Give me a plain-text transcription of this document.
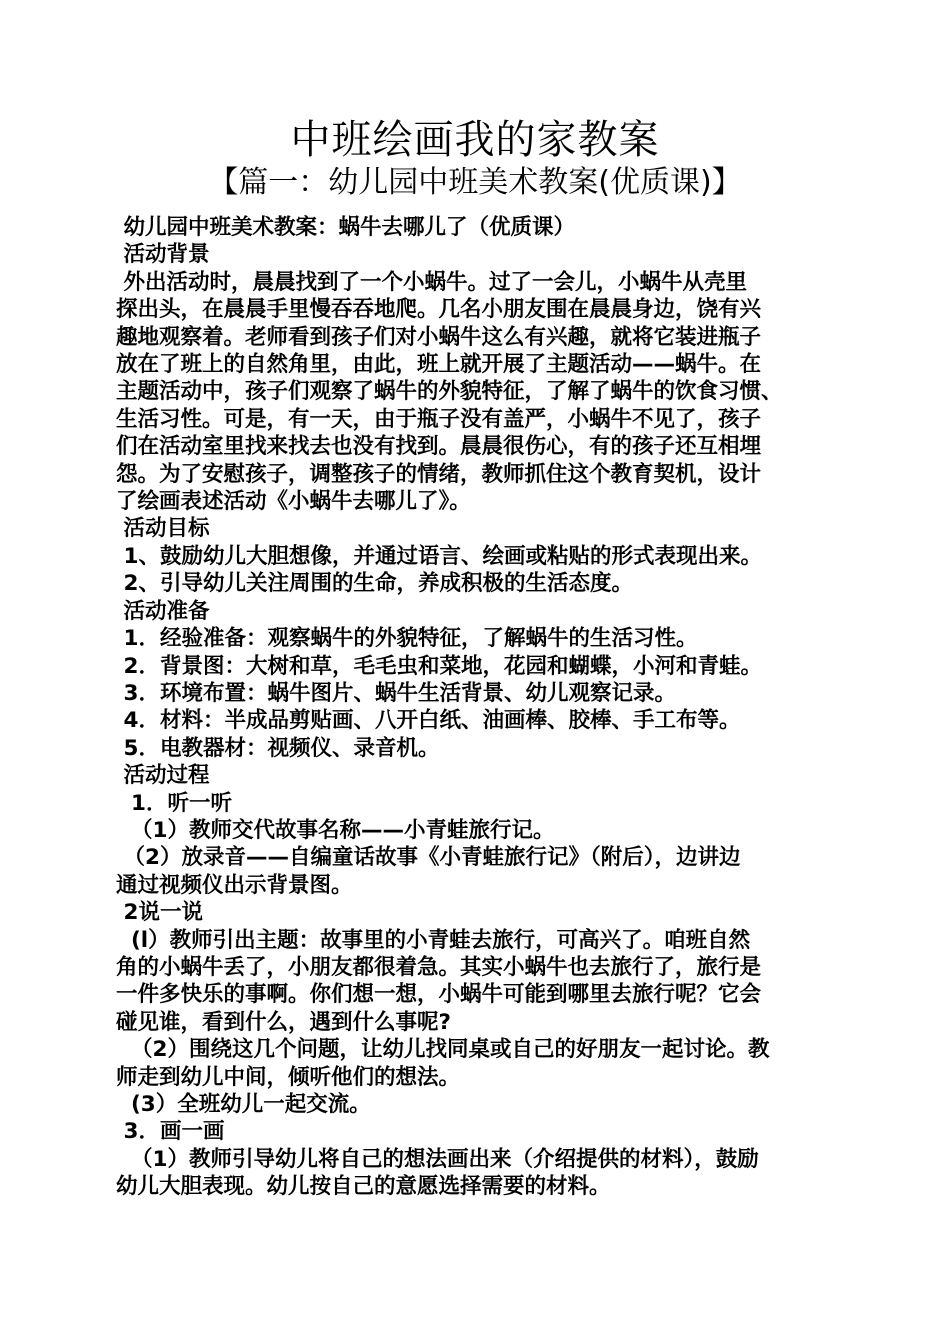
中班绘画我的家教案
【篇一：幼儿园中班美术教案(优质课)】

幼儿园中班美术教案：蜗牛去哪儿了（优质课）

活动背景

外出活动时，晨晨找到了一个小蜗牛。过了一会儿，小蜗牛从壳里

探出头，在晨晨手里慢吞吞地爬。几名小朋友围在晨晨身边，饶有兴

趣地观察着。老师看到孩子们对小蜗牛这么有兴趣，就将它装进瓶子

放在了班上的自然角里，由此，班上就开展了主题活动——蜗牛。在

主题活动中，孩子们观察了蜗牛的外貌特征，了解了蜗牛的饮食习惯、

生活习性。可是，有一天，由于瓶子没有盖严，小蜗牛不见了，孩子

们在活动室里找来找去也没有找到。晨晨很伤心，有的孩子还互相埋

怨。为了安慰孩子，调整孩子的情绪，教师抓住这个教育契机，设计

了绘画表述活动《小蜗牛去哪儿了》。

活动目标

1、鼓励幼儿大胆想像，并通过语言、绘画或粘贴的形式表现出来。

2、引导幼儿关注周围的生命，养成积极的生活态度。

活动准备

1．经验准备：观察蜗牛的外貌特征，了解蜗牛的生活习性。

2．背景图：大树和草，毛毛虫和菜地，花园和蝴蝶，小河和青蛙。

3．环境布置：蜗牛图片、蜗牛生活背景、幼儿观察记录。

4．材料：半成品剪贴画、八开白纸、油画棒、胶棒、手工布等。

5．电教器材：视频仪、录音机。

活动过程

1．听一听

（1）教师交代故事名称——小青蛙旅行记。

（2）放录音——自编童话故事《小青蛙旅行记》（附后），边讲边

通过视频仪出示背景图。

2说一说

(l）教师引出主题：故事里的小青蛙去旅行，可高兴了。咱班自然

角的小蜗牛丢了，小朋友都很着急。其实小蜗牛也去旅行了，旅行是

一件多快乐的事啊。你们想一想，小蜗牛可能到哪里去旅行呢？它会

碰见谁，看到什么，遇到什么事呢?

（2）围绕这几个问题，让幼儿找同桌或自己的好朋友一起讨论。教

师走到幼儿中间，倾听他们的想法。

(3）全班幼儿一起交流。

3．画一画

（1）教师引导幼儿将自己的想法画出来（介绍提供的材料），鼓励

幼儿大胆表现。幼儿按自己的意愿选择需要的材料。
